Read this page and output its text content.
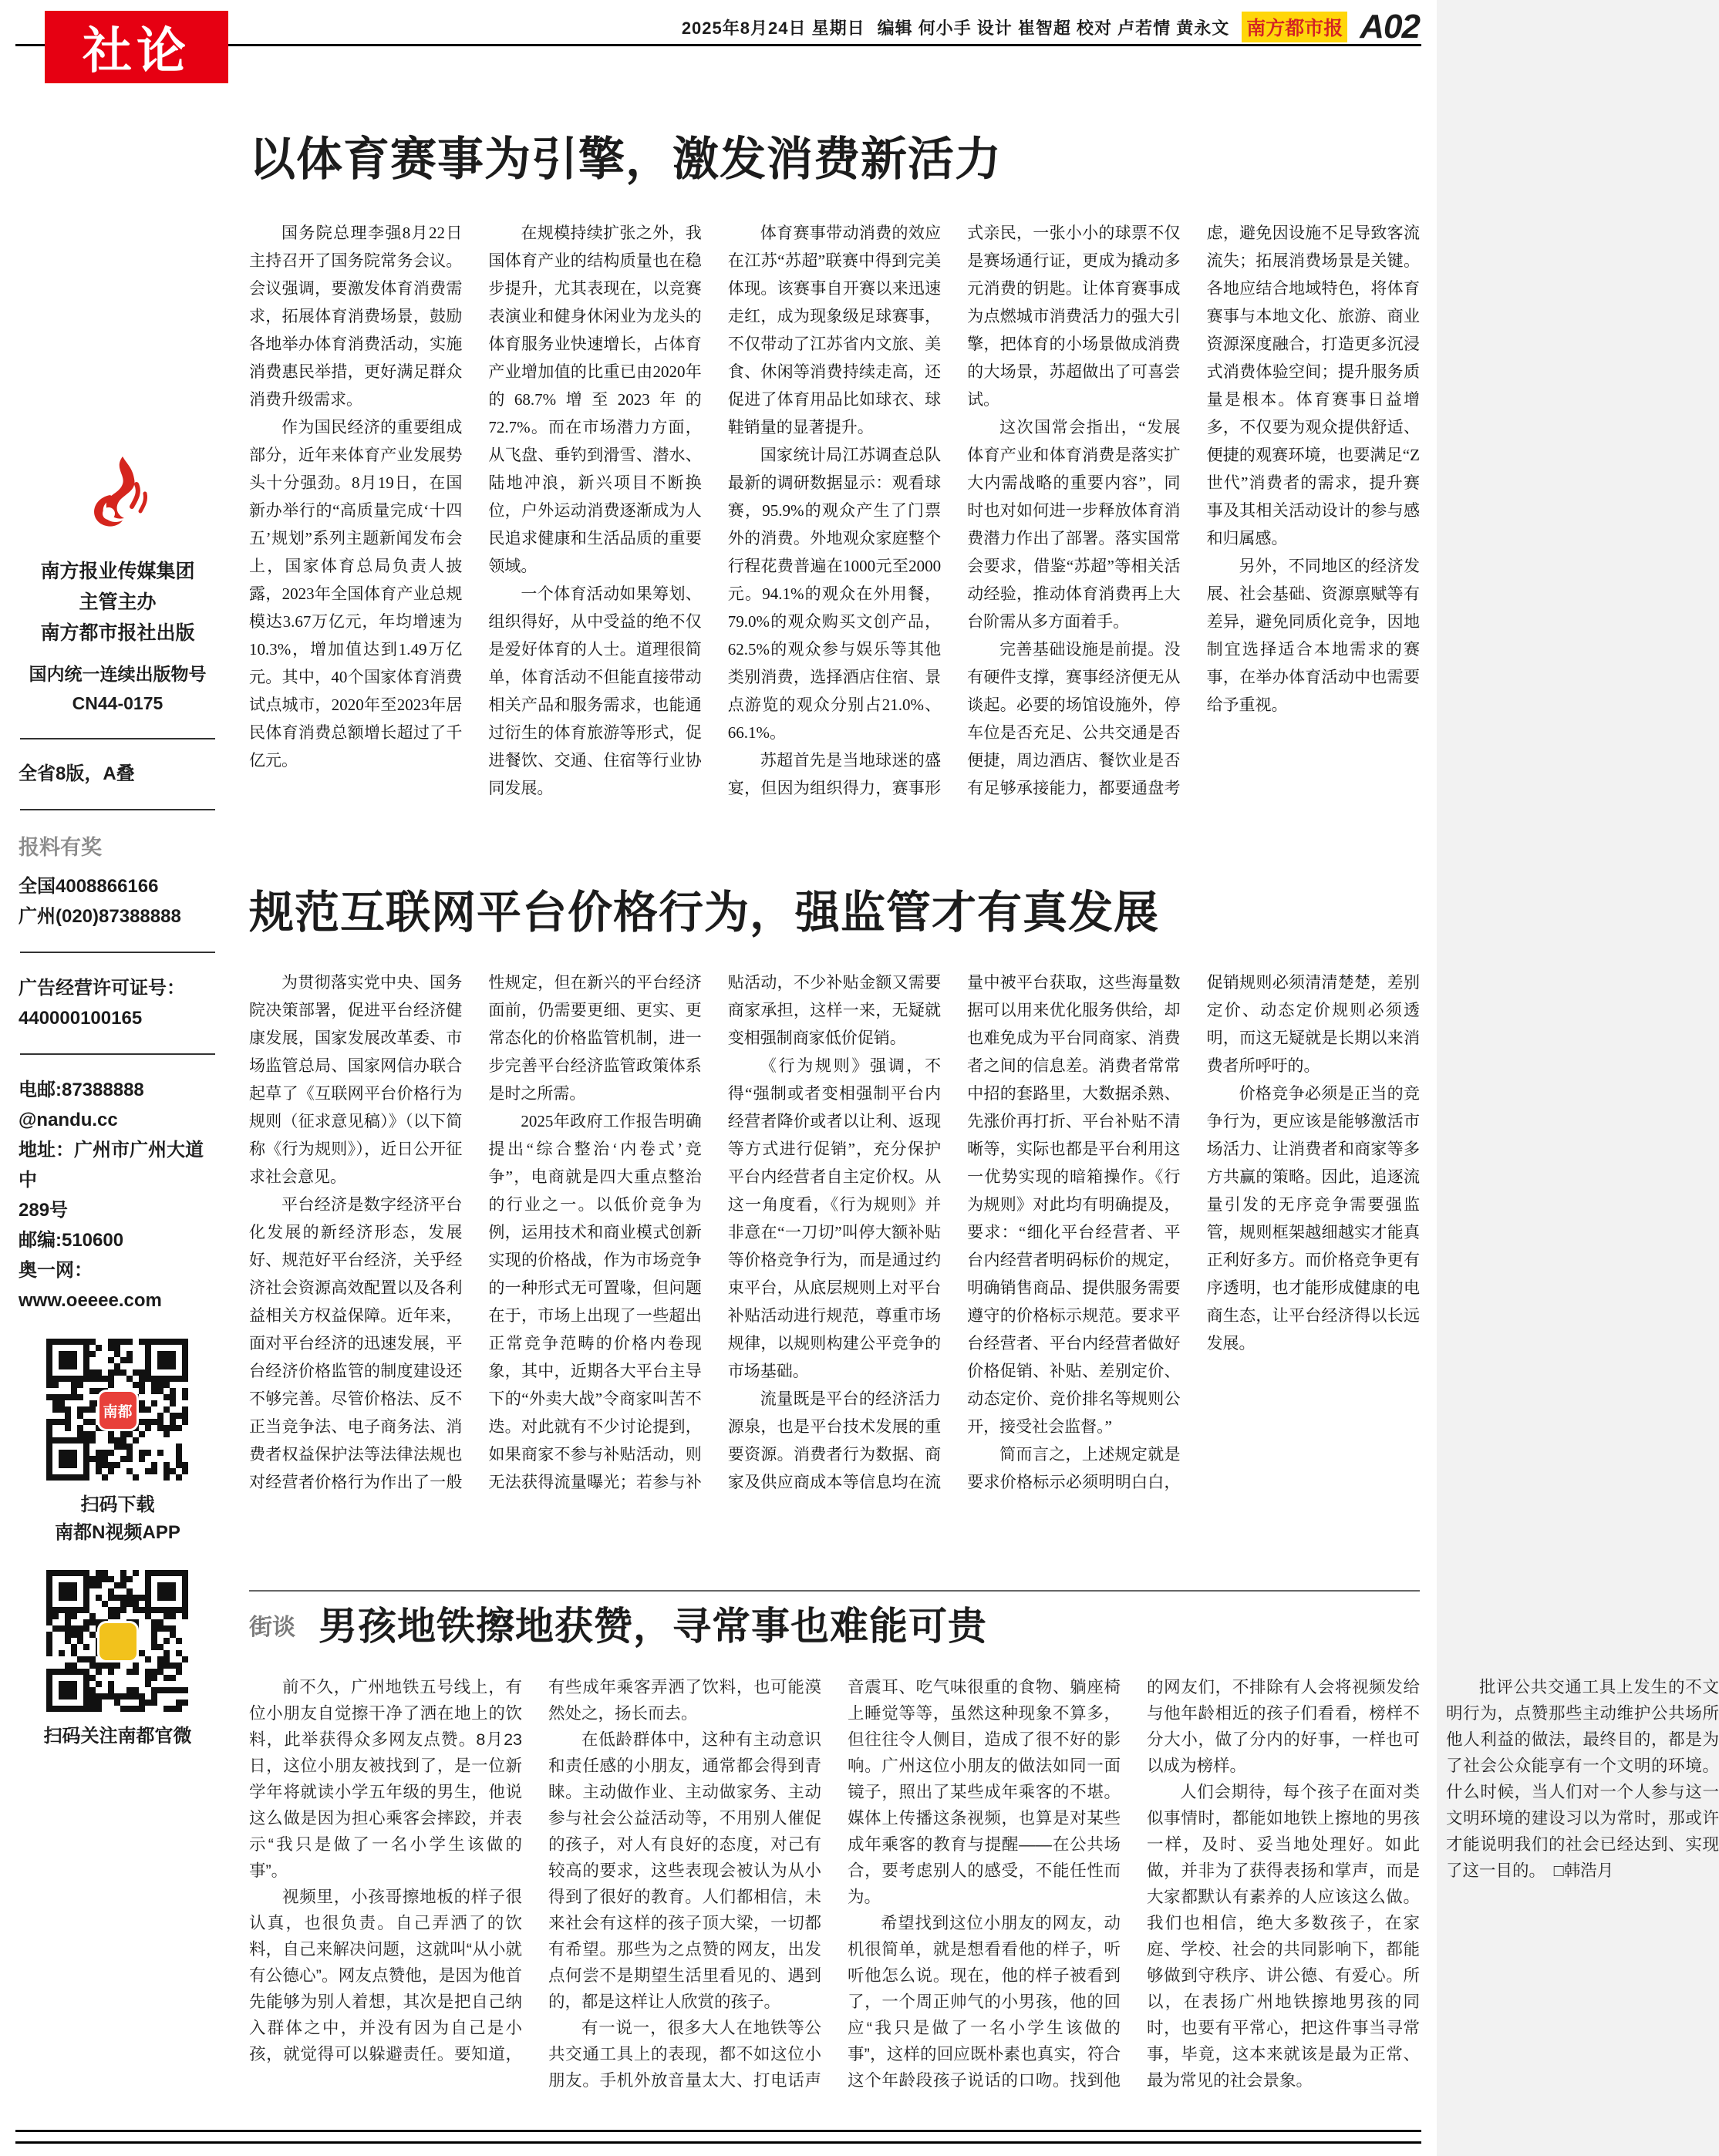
社论	2025年8月24日 星期日 编辑 何小手 设计 崔智超 校对 卢若情 黄永文 南方都市报 A02

南方报业传媒集团

主管主办

南方都市报社出版

国内统一连续出版物号

CN44-0175

全省8版，A叠
报料有奖

全国4008866166

广州(020)87388888

广告经营许可证号：

440000100165

电邮:87388888

@nandu.cc

地址：广州市广州大道中

289号

邮编:510600

奥一网：

www.oeeee.com

南都

扫码下载

南都N视频APP

扫码关注南都官微

以体育赛事为引擎，激发消费新活力

国务院总理李强8月22日主持召开了国务院常务会议。会议强调，要激发体育消费需求，拓展体育消费场景，鼓励各地举办体育消费活动，实施消费惠民举措，更好满足群众消费升级需求。

作为国民经济的重要组成部分，近年来体育产业发展势头十分强劲。8月19日，在国新办举行的“高质量完成‘十四五’规划”系列主题新闻发布会上，国家体育总局负责人披露，2023年全国体育产业总规模达3.67万亿元，年均增速为10.3%，增加值达到1.49万亿元。其中，40个国家体育消费试点城市，2020年至2023年居民体育消费总额增长超过了千亿元。

在规模持续扩张之外，我国体育产业的结构质量也在稳步提升，尤其表现在，以竞赛表演业和健身休闲业为龙头的体育服务业快速增长，占体育产业增加值的比重已由2020年的68.7%增至2023年的72.7%。而在市场潜力方面，从飞盘、垂钓到滑雪、潜水、陆地冲浪，新兴项目不断换位，户外运动消费逐渐成为人民追求健康和生活品质的重要领域。

一个体育活动如果筹划、组织得好，从中受益的绝不仅是爱好体育的人士。道理很简单，体育活动不但能直接带动相关产品和服务需求，也能通过衍生的体育旅游等形式，促进餐饮、交通、住宿等行业协同发展。

体育赛事带动消费的效应在江苏“苏超”联赛中得到完美体现。该赛事自开赛以来迅速走红，成为现象级足球赛事，不仅带动了江苏省内文旅、美食、休闲等消费持续走高，还促进了体育用品比如球衣、球鞋销量的显著提升。

国家统计局江苏调查总队最新的调研数据显示：观看球赛，95.9%的观众产生了门票外的消费。外地观众家庭整个行程花费普遍在1000元至2000元。94.1%的观众在外用餐，79.0%的观众购买文创产品，62.5%的观众参与娱乐等其他类别消费，选择酒店住宿、景点游览的观众分别占21.0%、66.1%。

苏超首先是当地球迷的盛宴，但因为组织得力，赛事形式亲民，一张小小的球票不仅是赛场通行证，更成为撬动多元消费的钥匙。让体育赛事成为点燃城市消费活力的强大引擎，把体育的小场景做成消费的大场景，苏超做出了可喜尝试。

这次国常会指出，“发展体育产业和体育消费是落实扩大内需战略的重要内容”，同时也对如何进一步释放体育消费潜力作出了部署。落实国常会要求，借鉴“苏超”等相关活动经验，推动体育消费再上大台阶需从多方面着手。

完善基础设施是前提。没有硬件支撑，赛事经济便无从谈起。必要的场馆设施外，停车位是否充足、公共交通是否便捷，周边酒店、餐饮业是否有足够承接能力，都要通盘考虑，避免因设施不足导致客流流失；拓展消费场景是关键。各地应结合地域特色，将体育赛事与本地文化、旅游、商业资源深度融合，打造更多沉浸式消费体验空间；提升服务质量是根本。体育赛事日益增多，不仅要为观众提供舒适、便捷的观赛环境，也要满足“Z世代”消费者的需求，提升赛事及其相关活动设计的参与感和归属感。

另外，不同地区的经济发展、社会基础、资源禀赋等有差异，避免同质化竞争，因地制宜选择适合本地需求的赛事，在举办体育活动中也需要给予重视。

规范互联网平台价格行为，强监管才有真发展

为贯彻落实党中央、国务院决策部署，促进平台经济健康发展，国家发展改革委、市场监管总局、国家网信办联合起草了《互联网平台价格行为规则（征求意见稿）》（以下简称《行为规则》），近日公开征求社会意见。

平台经济是数字经济平台化发展的新经济形态，发展好、规范好平台经济，关乎经济社会资源高效配置以及各利益相关方权益保障。近年来，面对平台经济的迅速发展，平台经济价格监管的制度建设还不够完善。尽管价格法、反不正当竞争法、电子商务法、消费者权益保护法等法律法规也对经营者价格行为作出了一般性规定，但在新兴的平台经济面前，仍需要更细、更实、更常态化的价格监管机制，进一步完善平台经济监管政策体系是时之所需。

2025年政府工作报告明确提出“综合整治‘内卷式’竞争”，电商就是四大重点整治的行业之一。以低价竞争为例，运用技术和商业模式创新实现的价格战，作为市场竞争的一种形式无可置喙，但问题在于，市场上出现了一些超出正常竞争范畴的价格内卷现象，其中，近期各大平台主导下的“外卖大战”令商家叫苦不迭。对此就有不少讨论提到，如果商家不参与补贴活动，则无法获得流量曝光；若参与补贴活动，不少补贴金额又需要商家承担，这样一来，无疑就变相强制商家低价促销。

《行为规则》强调，不得“强制或者变相强制平台内经营者降价或者以让利、返现等方式进行促销”，充分保护平台内经营者自主定价权。从这一角度看，《行为规则》并非意在“一刀切”叫停大额补贴等价格竞争行为，而是通过约束平台，从底层规则上对平台补贴活动进行规范，尊重市场规律，以规则构建公平竞争的市场基础。

流量既是平台的经济活力源泉，也是平台技术发展的重要资源。消费者行为数据、商家及供应商成本等信息均在流量中被平台获取，这些海量数据可以用来优化服务供给，却也难免成为平台同商家、消费者之间的信息差。消费者常常中招的套路里，大数据杀熟、先涨价再打折、平台补贴不清晰等，实际也都是平台利用这一优势实现的暗箱操作。《行为规则》对此均有明确提及，要求：“细化平台经营者、平台内经营者明码标价的规定，明确销售商品、提供服务需要遵守的价格标示规范。要求平台经营者、平台内经营者做好价格促销、补贴、差别定价、动态定价、竞价排名等规则公开，接受社会监督。”

简而言之，上述规定就是要求价格标示必须明明白白，促销规则必须清清楚楚，差别定价、动态定价规则必须透明，而这无疑就是长期以来消费者所呼吁的。

价格竞争必须是正当的竞争行为，更应该是能够激活市场活力、让消费者和商家等多方共赢的策略。因此，追逐流量引发的无序竞争需要强监管，规则框架越细越实才能真正利好多方。而价格竞争更有序透明，也才能形成健康的电商生态，让平台经济得以长远发展。

街谈 男孩地铁擦地获赞，寻常事也难能可贵

前不久，广州地铁五号线上，有位小朋友自觉擦干净了洒在地上的饮料，此举获得众多网友点赞。8月23日，这位小朋友被找到了，是一位新学年将就读小学五年级的男生，他说这么做是因为担心乘客会摔跤，并表示“我只是做了一名小学生该做的事”。

视频里，小孩哥擦地板的样子很认真，也很负责。自己弄洒了的饮料，自己来解决问题，这就叫“从小就有公德心”。网友点赞他，是因为他首先能够为别人着想，其次是把自己纳入群体之中，并没有因为自己是小孩，就觉得可以躲避责任。要知道，有些成年乘客弄洒了饮料，也可能漠然处之，扬长而去。

在低龄群体中，这种有主动意识和责任感的小朋友，通常都会得到青睐。主动做作业、主动做家务、主动参与社会公益活动等，不用别人催促的孩子，对人有良好的态度，对己有较高的要求，这些表现会被认为从小得到了很好的教育。人们都相信，未来社会有这样的孩子顶大梁，一切都有希望。那些为之点赞的网友，出发点何尝不是期望生活里看见的、遇到的，都是这样让人欣赏的孩子。

有一说一，很多大人在地铁等公共交通工具上的表现，都不如这位小朋友。手机外放音量太大、打电话声音震耳、吃气味很重的食物、躺座椅上睡觉等等，虽然这种现象不算多，但往往令人侧目，造成了很不好的影响。广州这位小朋友的做法如同一面镜子，照出了某些成年乘客的不堪。媒体上传播这条视频，也算是对某些成年乘客的教育与提醒——在公共场合，要考虑别人的感受，不能任性而为。

希望找到这位小朋友的网友，动机很简单，就是想看看他的样子，听听他怎么说。现在，他的样子被看到了，一个周正帅气的小男孩，他的回应“我只是做了一名小学生该做的事”，这样的回应既朴素也真实，符合这个年龄段孩子说话的口吻。找到他的网友们，不排除有人会将视频发给与他年龄相近的孩子们看看，榜样不分大小，做了分内的好事，一样也可以成为榜样。

人们会期待，每个孩子在面对类似事情时，都能如地铁上擦地的男孩一样，及时、妥当地处理好。如此做，并非为了获得表扬和掌声，而是大家都默认有素养的人应该这么做。我们也相信，绝大多数孩子，在家庭、学校、社会的共同影响下，都能够做到守秩序、讲公德、有爱心。所以，在表扬广州地铁擦地男孩的同时，也要有平常心，把这件事当寻常事，毕竟，这本来就该是最为正常、最为常见的社会景象。

批评公共交通工具上发生的不文明行为，点赞那些主动维护公共场所他人利益的做法，最终目的，都是为了社会公众能享有一个文明的环境。什么时候，当人们对一个人参与这一文明环境的建设习以为常时，那或许才能说明我们的社会已经达到、实现了这一目的。　□韩浩月
